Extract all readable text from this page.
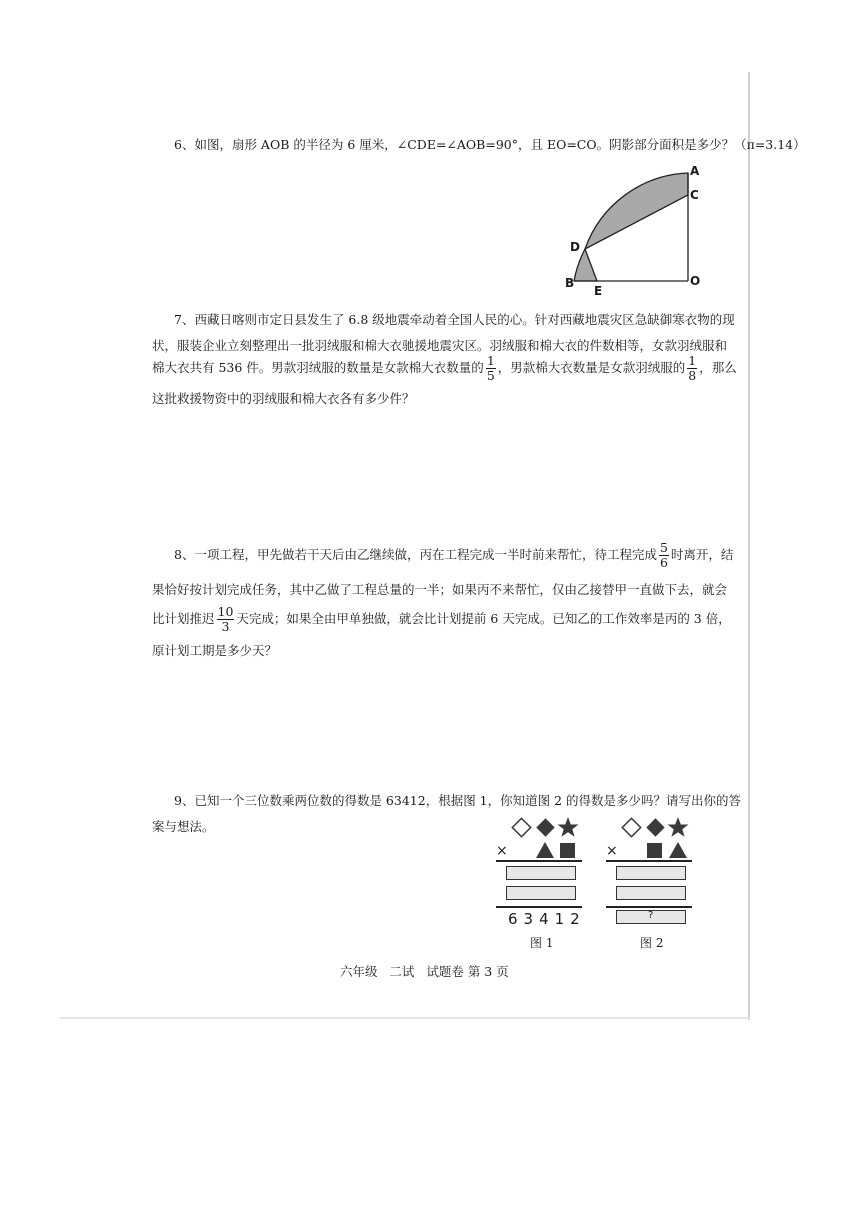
6、如图，扇形 AOB 的半径为 6 厘米，∠CDE=∠AOB=90°，且 EO=CO。阴影部分面积是多少？（π=3.14）
A
C
D
B
E
O
7、西藏日喀则市定日县发生了 6.8 级地震牵动着全国人民的心。针对西藏地震灾区急缺御寒衣物的现
状，服装企业立刻整理出一批羽绒服和棉大衣驰援地震灾区。羽绒服和棉大衣的件数相等，女款羽绒服和
棉大衣共有 536 件。男款羽绒服的数量是女款棉大衣数量的 $\frac{1}{5}$ ，男款棉大衣数量是女款羽绒服的 $\frac{1}{8}$ ，那么
这批救援物资中的羽绒服和棉大衣各有多少件？
8、一项工程，甲先做若干天后由乙继续做，丙在工程完成一半时前来帮忙，待工程完成 $\frac{5}{6}$ 时离开，结
果恰好按计划完成任务，其中乙做了工程总量的一半；如果丙不来帮忙，仅由乙接替甲一直做下去，就会
比计划推迟 $\frac{10}{3}$ 天完成；如果全由甲单独做，就会比计划提前 6 天完成。已知乙的工作效率是丙的 3 倍，
原计划工期是多少天？
9、已知一个三位数乘两位数的得数是 63412，根据图 1，你知道图 2 的得数是多少吗？请写出你的答
案与想法。
×
63412
图 1
×
?
图 2
六年级   二试   试题卷 第 3 页
